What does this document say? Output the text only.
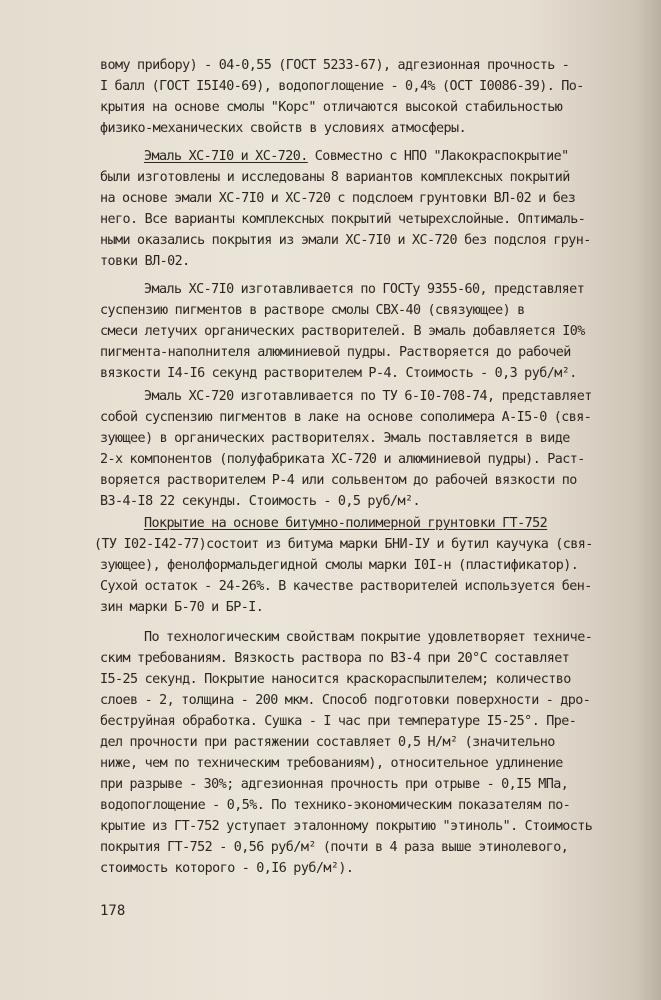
вому прибору) - 04-0,55 (ГОСТ 5233-67), адгезионная прочность -
I балл (ГОСТ I5I40-69), водопоглощение - 0,4% (ОСТ I0086-39). По-
крытия на основе смолы "Корс" отличаются высокой стабильностью
физико-механических свойств в условиях атмосферы.
Эмаль ХС-7I0 и ХС-720. Совместно с НПО "Лакокраспокрытие"
были изготовлены и исследованы 8 вариантов комплексных покрытий
на основе эмали ХС-7I0 и ХС-720 с подслоем грунтовки ВЛ-02 и без
него. Все варианты комплексных покрытий четырехслойные. Оптималь-
ными оказались покрытия из эмали ХС-7I0 и ХС-720 без подслоя грун-
товки ВЛ-02.
Эмаль ХС-7I0 изготавливается по ГОСТу 9355-60, представляет
суспензию пигментов в растворе смолы СВХ-40 (связующее) в
смеси летучих органических растворителей. В эмаль добавляется I0%
пигмента-наполнителя алюминиевой пудры. Растворяется до рабочей
вязкости I4-I6 секунд растворителем Р-4. Стоимость - 0,3 руб/м².
Эмаль ХС-720 изготавливается по ТУ 6-I0-708-74, представляет
собой суспензию пигментов в лаке на основе сополимера А-I5-0 (свя-
зующее) в органических растворителях. Эмаль поставляется в виде
2-х компонентов (полуфабриката ХС-720 и алюминиевой пудры). Раст-
воряется растворителем Р-4 или сольвентом до рабочей вязкости по
ВЗ-4-I8 22 секунды. Стоимость - 0,5 руб/м².
Покрытие на основе битумно-полимерной грунтовки ГТ-752
(ТУ I02-I42-77)состоит из битума марки БНИ-IУ и бутил каучука (свя-
зующее), фенолформальдегидной смолы марки I0I-н (пластификатор).
Сухой остаток - 24-26%. В качестве растворителей используется бен-
зин марки Б-70 и БР-I.
По технологическим свойствам покрытие удовлетворяет техниче-
ским требованиям. Вязкость раствора по ВЗ-4 при 20°С составляет
I5-25 секунд. Покрытие наносится краскораспылителем; количество
слоев - 2, толщина - 200 мкм. Способ подготовки поверхности - дро-
беструйная обработка. Сушка - I час при температуре I5-25°. Пре-
дел прочности при растяжении составляет 0,5 Н/м² (значительно
ниже, чем по техническим требованиям), относительное удлинение
при разрыве - 30%; адгезионная прочность при отрыве - 0,I5 МПа,
водопоглощение - 0,5%. По технико-экономическим показателям по-
крытие из ГТ-752 уступает эталонному покрытию "этиноль". Стоимость
покрытия ГТ-752 - 0,56 руб/м² (почти в 4 раза выше этинолевого,
стоимость которого - 0,I6 руб/м²).
178
